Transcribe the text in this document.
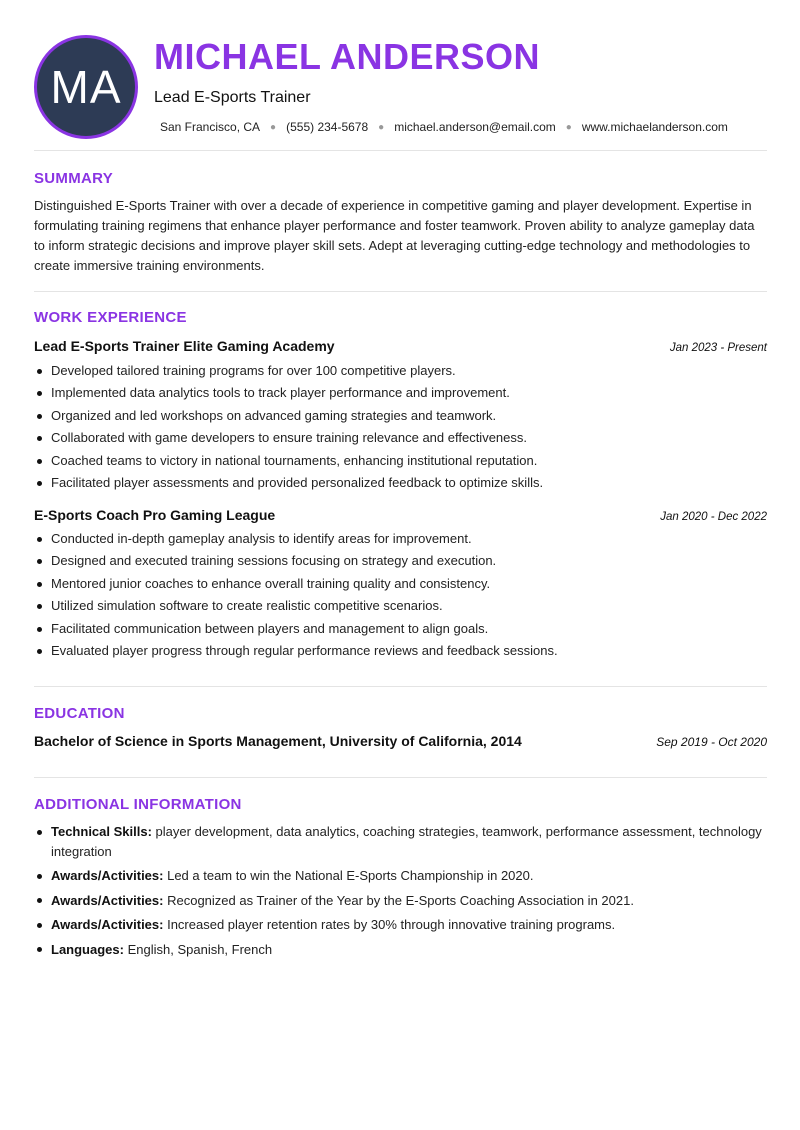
MA
MICHAEL ANDERSON
Lead E-Sports Trainer
San Francisco, CA ● (555) 234-5678 ● michael.anderson@email.com ● www.michaelanderson.com
SUMMARY

Distinguished E-Sports Trainer with over a decade of experience in competitive gaming and player development. Expertise in formulating training regimens that enhance player performance and foster teamwork. Proven ability to analyze gameplay data to inform strategic decisions and improve player skill sets. Adept at leveraging cutting-edge technology and methodologies to create immersive training environments.

WORK EXPERIENCE
Lead E-Sports Trainer Elite Gaming Academy	Jan 2023 - Present
Developed tailored training programs for over 100 competitive players.
Implemented data analytics tools to track player performance and improvement.
Organized and led workshops on advanced gaming strategies and teamwork.
Collaborated with game developers to ensure training relevance and effectiveness.
Coached teams to victory in national tournaments, enhancing institutional reputation.
Facilitated player assessments and provided personalized feedback to optimize skills.
E-Sports Coach Pro Gaming League	Jan 2020 - Dec 2022
Conducted in-depth gameplay analysis to identify areas for improvement.
Designed and executed training sessions focusing on strategy and execution.
Mentored junior coaches to enhance overall training quality and consistency.
Utilized simulation software to create realistic competitive scenarios.
Facilitated communication between players and management to align goals.
Evaluated player progress through regular performance reviews and feedback sessions.
EDUCATION
Bachelor of Science in Sports Management, University of California, 2014	Sep 2019 - Oct 2020
ADDITIONAL INFORMATION
Technical Skills: player development, data analytics, coaching strategies, teamwork, performance assessment, technology integration
Awards/Activities: Led a team to win the National E-Sports Championship in 2020.
Awards/Activities: Recognized as Trainer of the Year by the E-Sports Coaching Association in 2021.
Awards/Activities: Increased player retention rates by 30% through innovative training programs.
Languages: English, Spanish, French
